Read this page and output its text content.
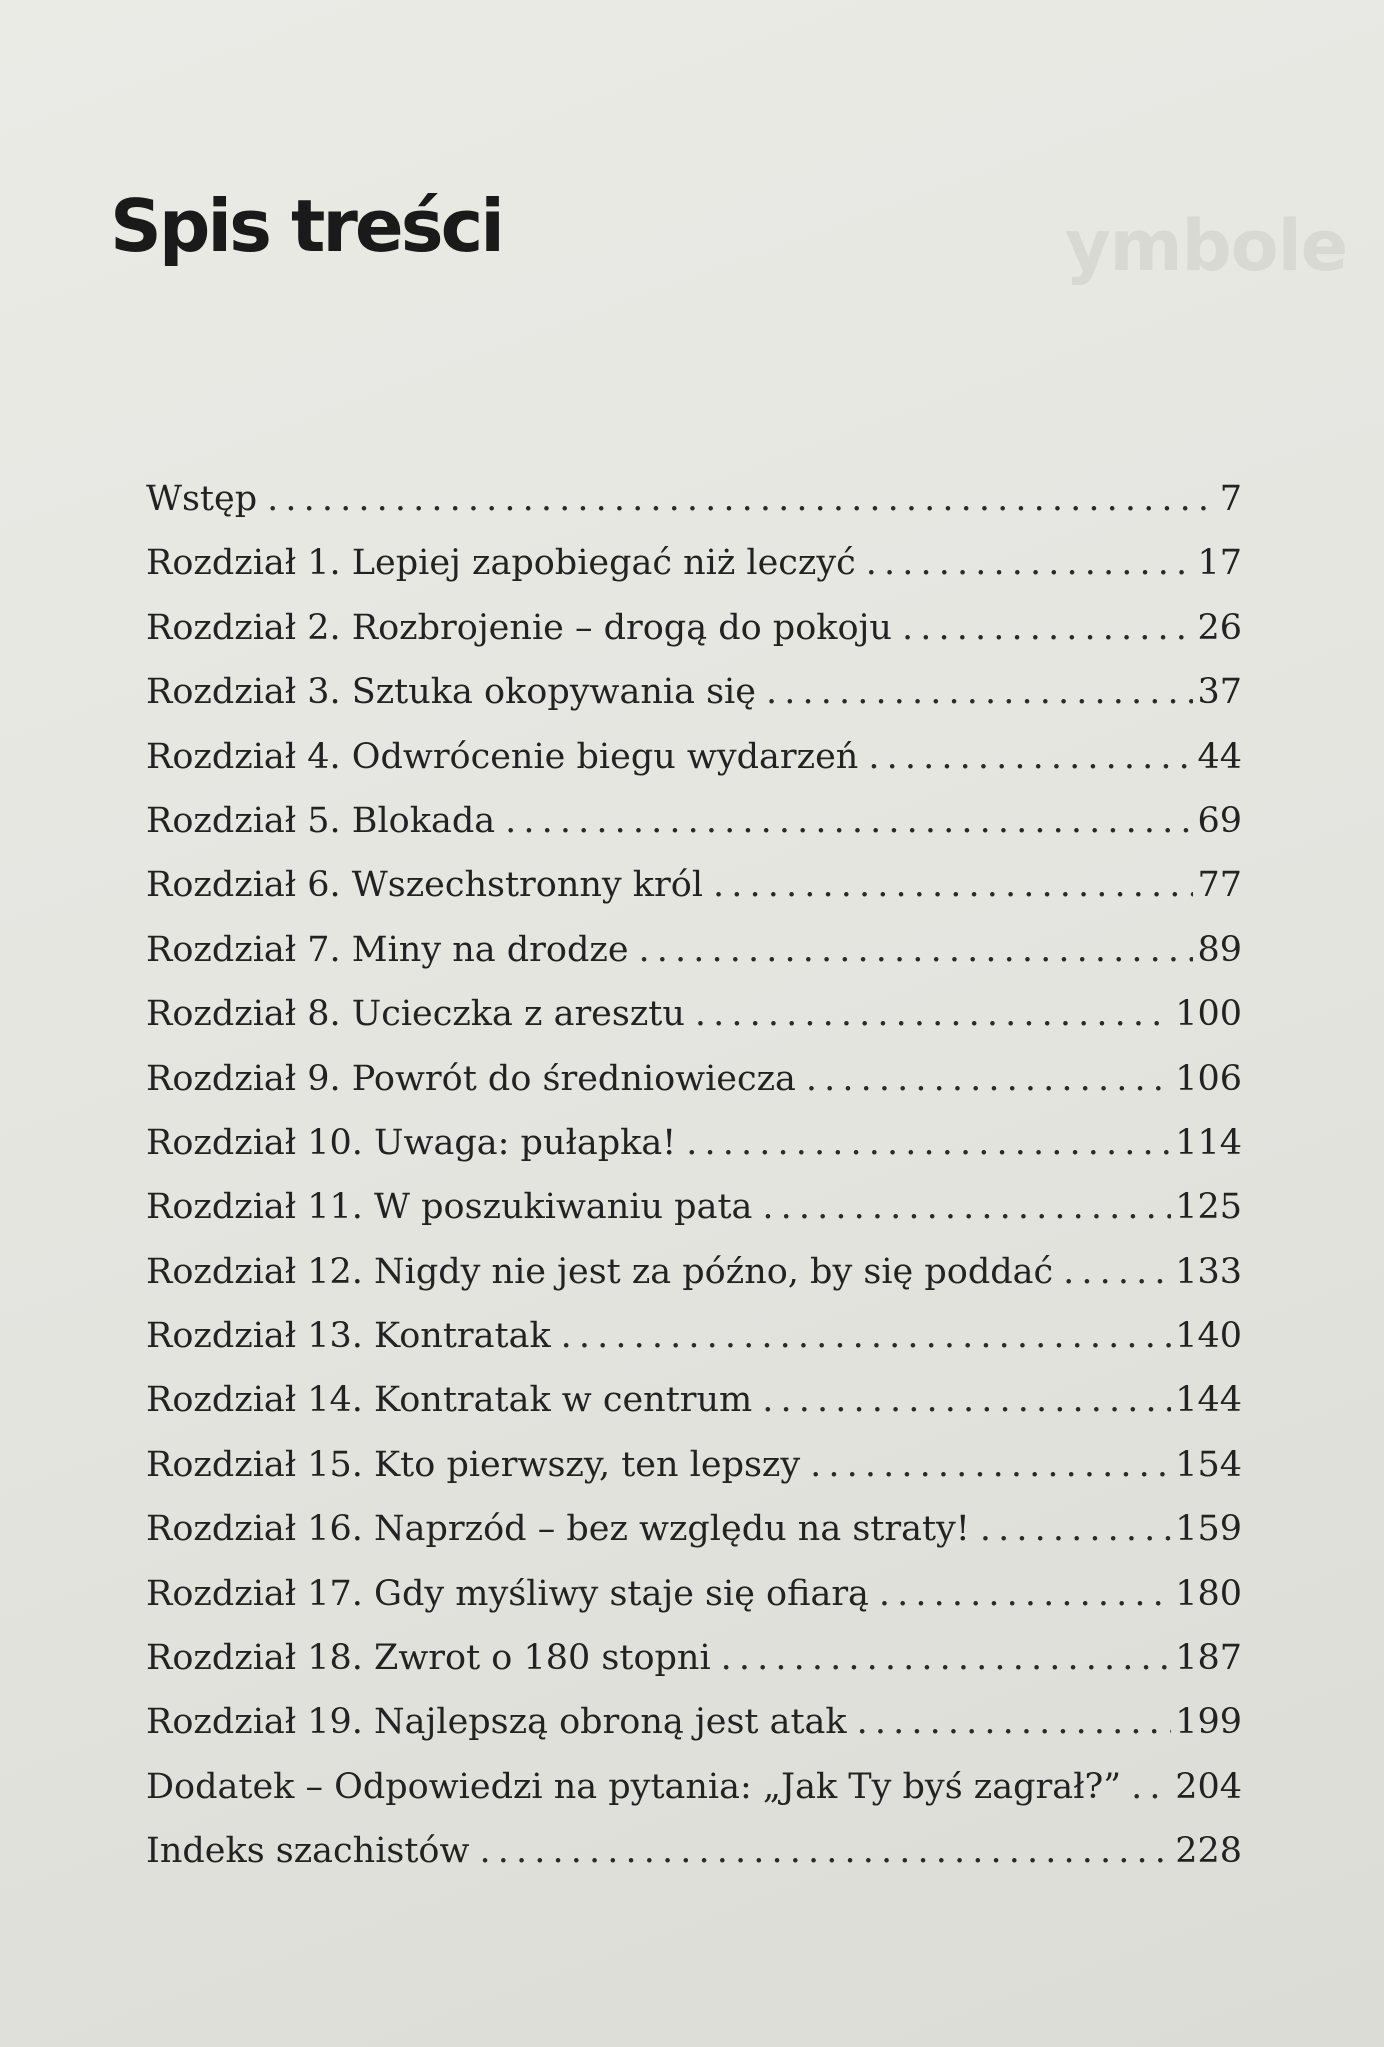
ymbole
Spis treści
Wstęp . . .	7
Rozdział 1. Lepiej zapobiegać niż leczyć . . .	17
Rozdział 2. Rozbrojenie – drogą do pokoju . . .	26
Rozdział 3. Sztuka okopywania się . . .	37
Rozdział 4. Odwrócenie biegu wydarzeń . . .	44
Rozdział 5. Blokada . . .	69
Rozdział 6. Wszechstronny król . . .	77
Rozdział 7. Miny na drodze . . .	89
Rozdział 8. Ucieczka z aresztu . . .	100
Rozdział 9. Powrót do średniowiecza . . .	106
Rozdział 10. Uwaga: pułapka! . . .	114
Rozdział 11. W poszukiwaniu pata . . .	125
Rozdział 12. Nigdy nie jest za późno, by się poddać . . .	133
Rozdział 13. Kontratak . . .	140
Rozdział 14. Kontratak w centrum . . .	144
Rozdział 15. Kto pierwszy, ten lepszy . . .	154
Rozdział 16. Naprzód – bez względu na straty! . . .	159
Rozdział 17. Gdy myśliwy staje się ofiarą . . .	180
Rozdział 18. Zwrot o 180 stopni . . .	187
Rozdział 19. Najlepszą obroną jest atak . . .	199
Dodatek – Odpowiedzi na pytania: „Jak Ty byś zagrał?” . . . 204
Indeks szachistów . . .	228
